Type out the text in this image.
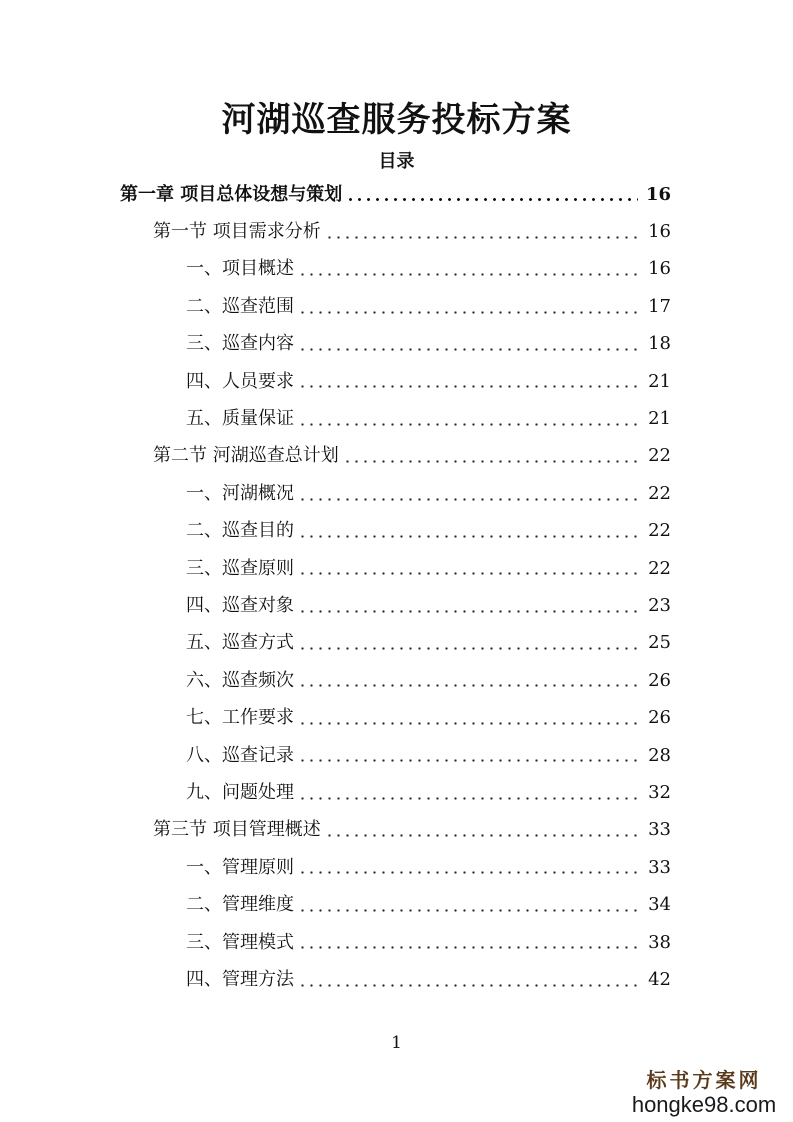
河湖巡查服务投标方案
目录
第一章 项目总体设想与策划	16
第一节 项目需求分析	16
一、项目概述	16
二、巡查范围	17
三、巡查内容	18
四、人员要求	21
五、质量保证	21
第二节 河湖巡查总计划	22
一、河湖概况	22
二、巡查目的	22
三、巡查原则	22
四、巡查对象	23
五、巡查方式	25
六、巡查频次	26
七、工作要求	26
八、巡查记录	28
九、问题处理	32
第三节 项目管理概述	33
一、管理原则	33
二、管理维度	34
三、管理模式	38
四、管理方法	42

1

标书方案网
hongke98.com
